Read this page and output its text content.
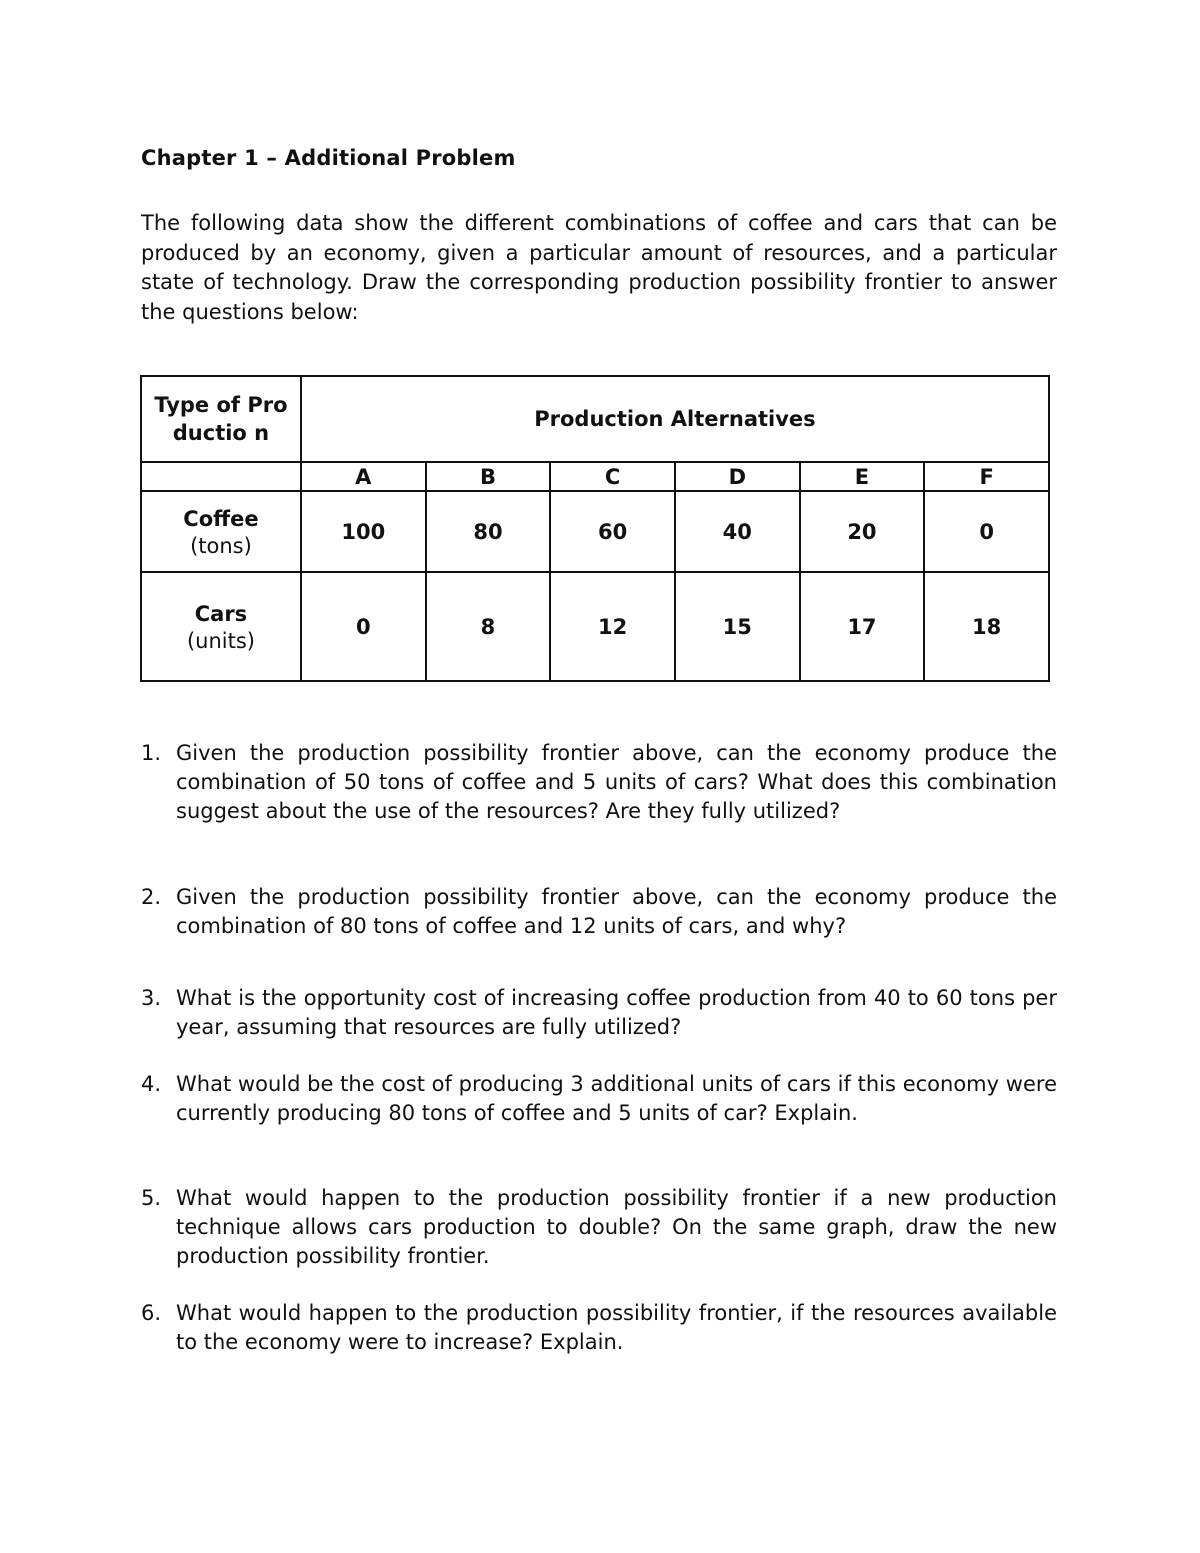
Chapter 1 – Additional Problem

The following data show the different combinations of coffee and cars that can be produced by an economy, given a particular amount of resources, and a particular state of technology. Draw the corresponding production possibility frontier to answer the questions below:

Type of Productio n	Production Alternatives					

	A	B	C	D	E	F

Coffee
(tons)	100	80	60	40	20	0

Cars
(units)	0	8	12	15	17	18
1. Given the production possibility frontier above, can the economy produce the combination of 50 tons of coffee and 5 units of cars? What does this combination suggest about the use of the resources? Are they fully utilized?
2. Given the production possibility frontier above, can the economy produce the combination of 80 tons of coffee and 12 units of cars, and why?
3. What is the opportunity cost of increasing coffee production from 40 to 60 tons per year, assuming that resources are fully utilized?
4. What would be the cost of producing 3 additional units of cars if this economy were currently producing 80 tons of coffee and 5 units of car? Explain.
5. What would happen to the production possibility frontier if a new production technique allows cars production to double? On the same graph, draw the new production possibility frontier.
6. What would happen to the production possibility frontier, if the resources available to the economy were to increase? Explain.
